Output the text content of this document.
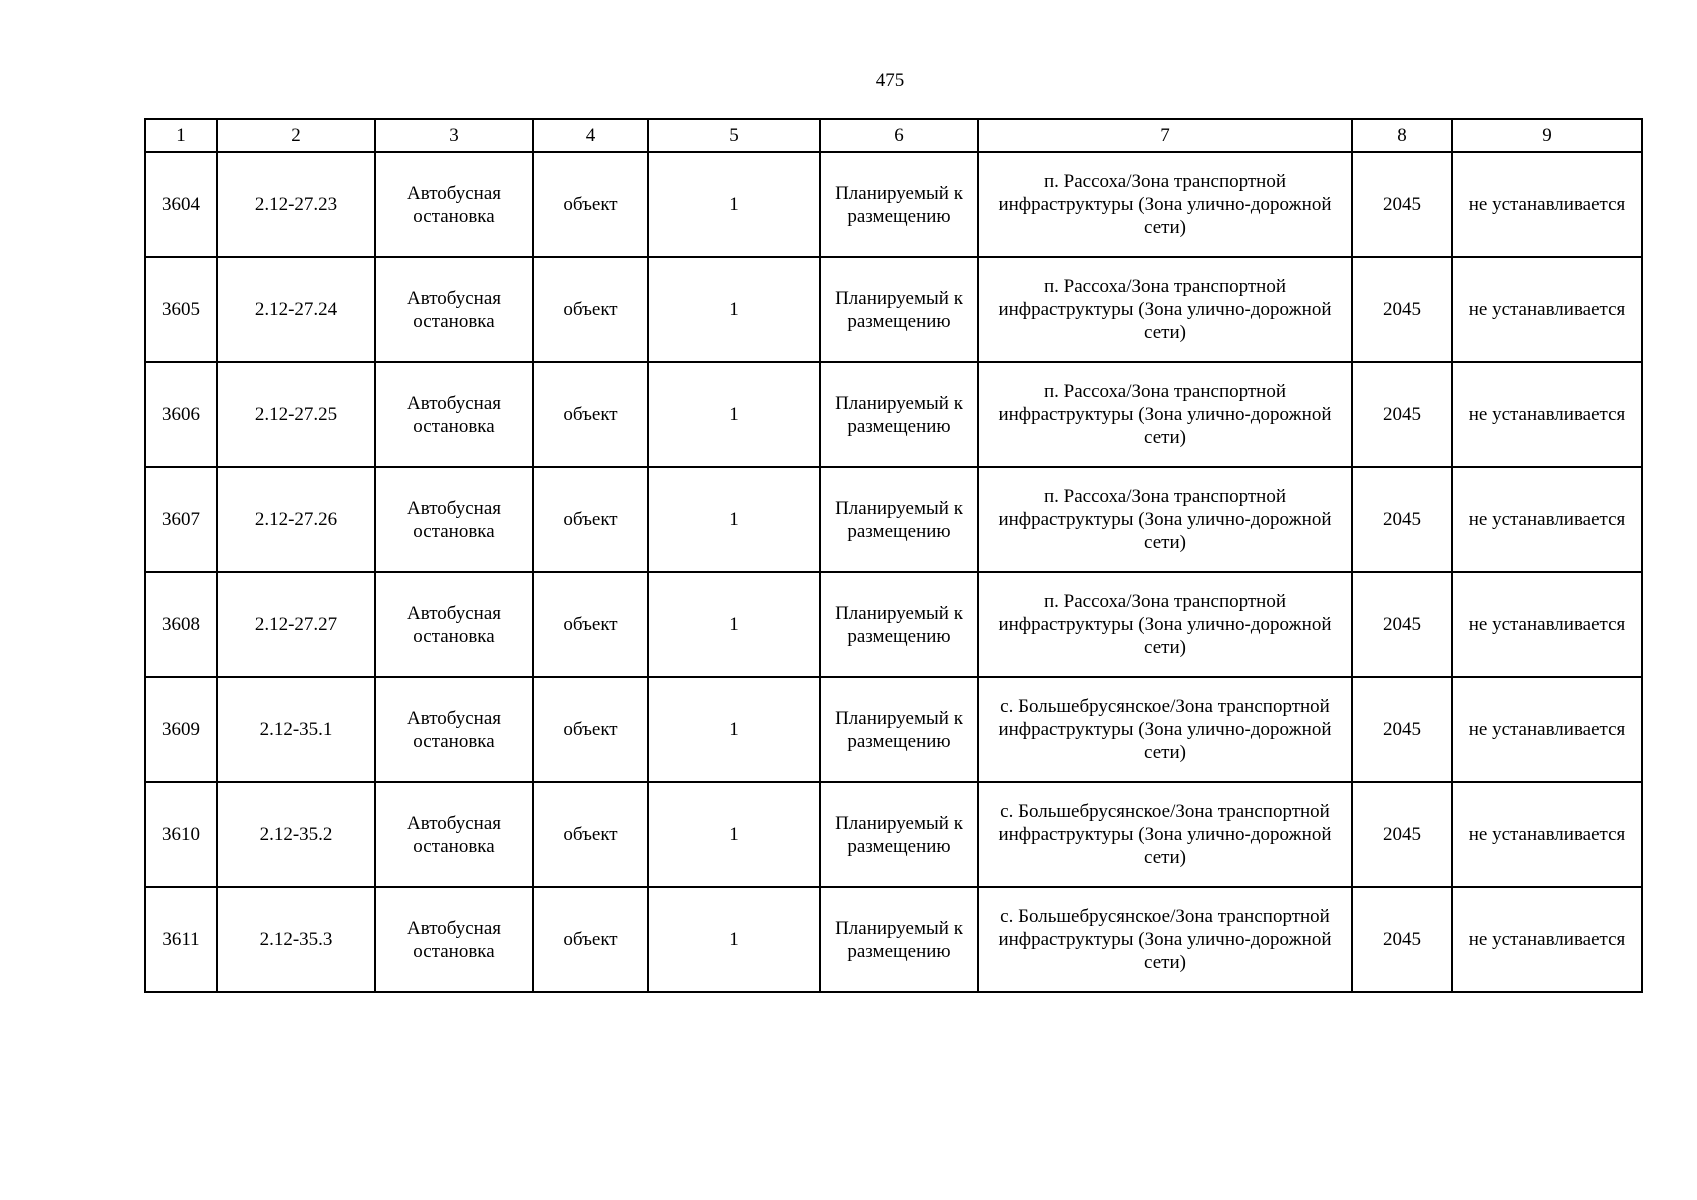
475
1	2	3	4	5	6	7	8	9
3604	2.12-27.23	Автобусная остановка	объект	1	Планируемый к размещению	п. Рассоха/Зона транспортной инфраструктуры (Зона улично-дорожной сети)	2045	не устанавливается
3605	2.12-27.24	Автобусная остановка	объект	1	Планируемый к размещению	п. Рассоха/Зона транспортной инфраструктуры (Зона улично-дорожной сети)	2045	не устанавливается
3606	2.12-27.25	Автобусная остановка	объект	1	Планируемый к размещению	п. Рассоха/Зона транспортной инфраструктуры (Зона улично-дорожной сети)	2045	не устанавливается
3607	2.12-27.26	Автобусная остановка	объект	1	Планируемый к размещению	п. Рассоха/Зона транспортной инфраструктуры (Зона улично-дорожной сети)	2045	не устанавливается
3608	2.12-27.27	Автобусная остановка	объект	1	Планируемый к размещению	п. Рассоха/Зона транспортной инфраструктуры (Зона улично-дорожной сети)	2045	не устанавливается
3609	2.12-35.1	Автобусная остановка	объект	1	Планируемый к размещению	с. Большебрусянское/Зона транспортной инфраструктуры (Зона улично-дорожной сети)	2045	не устанавливается
3610	2.12-35.2	Автобусная остановка	объект	1	Планируемый к размещению	с. Большебрусянское/Зона транспортной инфраструктуры (Зона улично-дорожной сети)	2045	не устанавливается
3611	2.12-35.3	Автобусная остановка	объект	1	Планируемый к размещению	с. Большебрусянское/Зона транспортной инфраструктуры (Зона улично-дорожной сети)	2045	не устанавливается
